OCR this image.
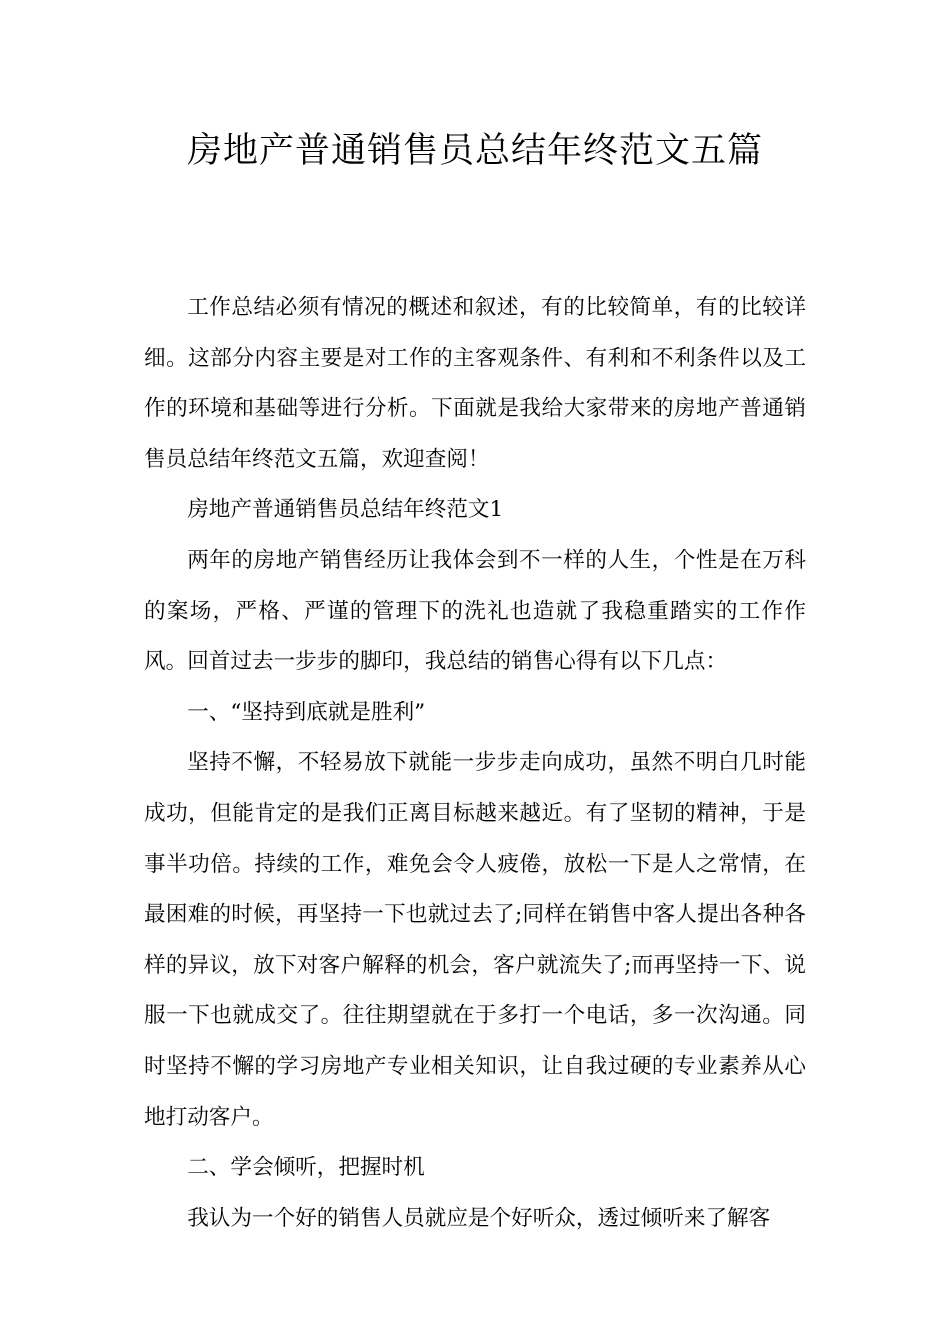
房地产普通销售员总结年终范文五篇

工作总结必须有情况的概述和叙述，有的比较简单，有的比较详细。这部分内容主要是对工作的主客观条件、有利和不利条件以及工作的环境和基础等进行分析。下面就是我给大家带来的房地产普通销售员总结年终范文五篇，欢迎查阅！

房地产普通销售员总结年终范文1

两年的房地产销售经历让我体会到不一样的人生，个性是在万科的案场，严格、严谨的管理下的洗礼也造就了我稳重踏实的工作作风。回首过去一步步的脚印，我总结的销售心得有以下几点：

一、“坚持到底就是胜利”

坚持不懈，不轻易放下就能一步步走向成功，虽然不明白几时能成功，但能肯定的是我们正离目标越来越近。有了坚韧的精神，于是事半功倍。持续的工作，难免会令人疲倦，放松一下是人之常情，在最困难的时候，再坚持一下也就过去了;同样在销售中客人提出各种各样的异议，放下对客户解释的机会，客户就流失了;而再坚持一下、说服一下也就成交了。往往期望就在于多打一个电话，多一次沟通。同时坚持不懈的学习房地产专业相关知识，让自我过硬的专业素养从心地打动客户。

二、学会倾听，把握时机

我认为一个好的销售人员就应是个好听众，透过倾听来了解客
